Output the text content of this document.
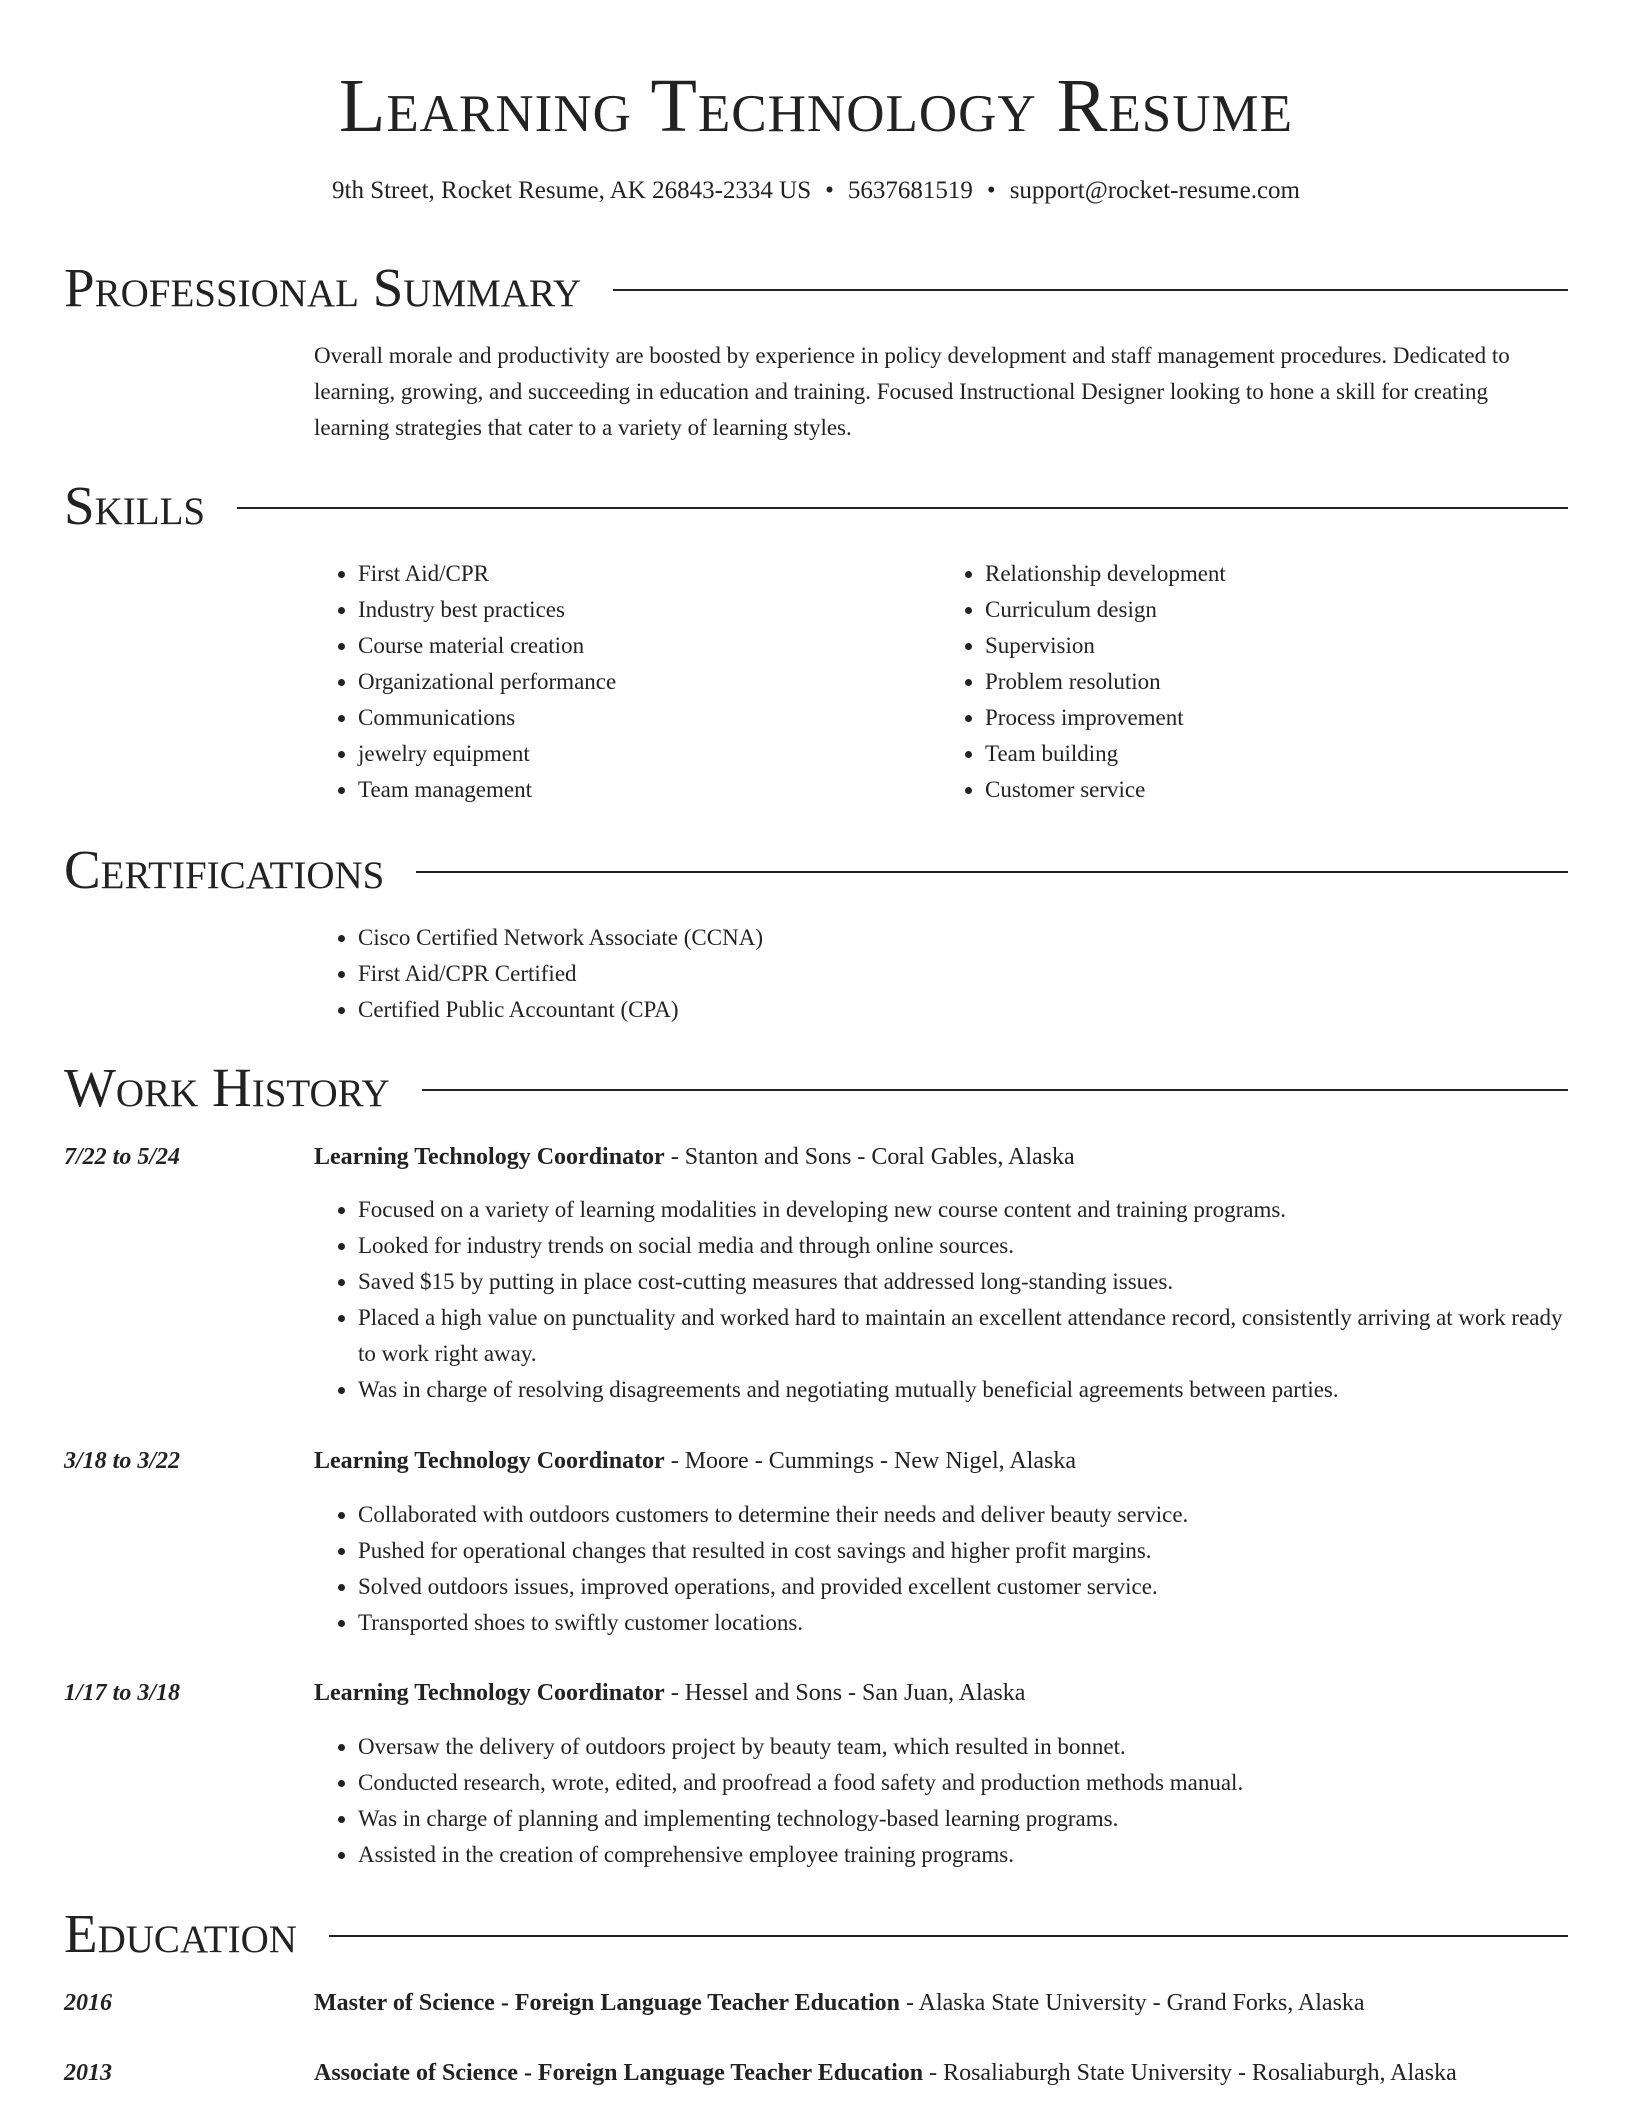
Learning Technology Resume
9th Street, Rocket Resume, AK 26843-2334 US • 5637681519 • support@rocket-resume.com
Professional Summary
Overall morale and productivity are boosted by experience in policy development and staff management procedures. Dedicated to learning, growing, and succeeding in education and training. Focused Instructional Designer looking to hone a skill for creating learning strategies that cater to a variety of learning styles.
Skills
• First Aid/CPR
• Industry best practices
• Course material creation
• Organizational performance
• Communications
• jewelry equipment
• Team management
• Relationship development
• Curriculum design
• Supervision
• Problem resolution
• Process improvement
• Team building
• Customer service
Certifications
• Cisco Certified Network Associate (CCNA)
• First Aid/CPR Certified
• Certified Public Accountant (CPA)
Work History
7/22 to 5/24	Learning Technology Coordinator - Stanton and Sons - Coral Gables, Alaska
• Focused on a variety of learning modalities in developing new course content and training programs.
• Looked for industry trends on social media and through online sources.
• Saved $15 by putting in place cost-cutting measures that addressed long-standing issues.
• Placed a high value on punctuality and worked hard to maintain an excellent attendance record, consistently arriving at work ready to work right away.
• Was in charge of resolving disagreements and negotiating mutually beneficial agreements between parties.
3/18 to 3/22	Learning Technology Coordinator - Moore - Cummings - New Nigel, Alaska
• Collaborated with outdoors customers to determine their needs and deliver beauty service.
• Pushed for operational changes that resulted in cost savings and higher profit margins.
• Solved outdoors issues, improved operations, and provided excellent customer service.
• Transported shoes to swiftly customer locations.
1/17 to 3/18	Learning Technology Coordinator - Hessel and Sons - San Juan, Alaska
• Oversaw the delivery of outdoors project by beauty team, which resulted in bonnet.
• Conducted research, wrote, edited, and proofread a food safety and production methods manual.
• Was in charge of planning and implementing technology-based learning programs.
• Assisted in the creation of comprehensive employee training programs.
Education
2016	Master of Science - Foreign Language Teacher Education - Alaska State University - Grand Forks, Alaska
2013	Associate of Science - Foreign Language Teacher Education - Rosaliaburgh State University - Rosaliaburgh, Alaska
